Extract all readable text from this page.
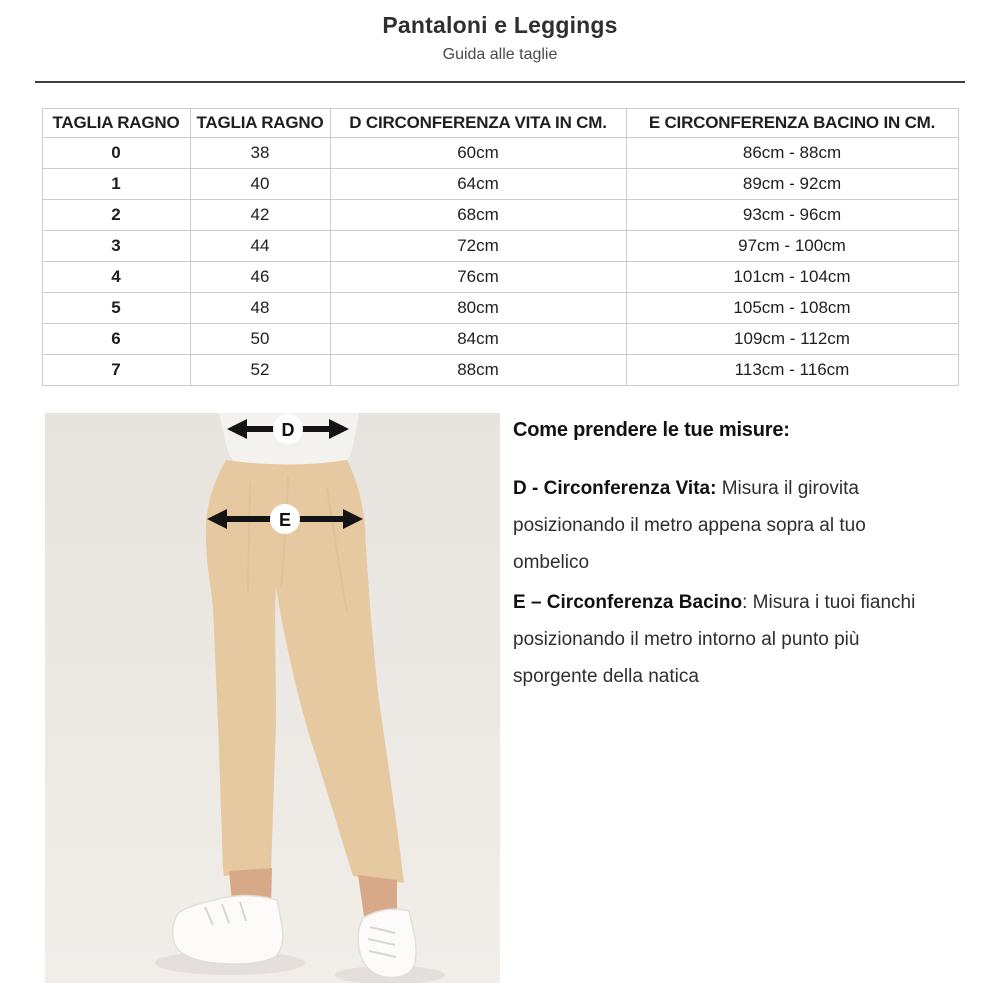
Pantaloni e Leggings
Guida alle taglie
TAGLIA RAGNO	TAGLIA RAGNO	D CIRCONFERENZA VITA IN CM.	E CIRCONFERENZA BACINO IN CM.
0	38	60cm	86cm - 88cm
1	40	64cm	89cm - 92cm
2	42	68cm	93cm - 96cm
3	44	72cm	97cm - 100cm
4	46	76cm	101cm - 104cm
5	48	80cm	105cm - 108cm
6	50	84cm	109cm - 112cm
7	52	88cm	113cm - 116cm
D
E
Come prendere le tue misure:

D - Circonferenza Vita: Misura il girovita posizionando il metro appena sopra al tuo ombelico

E – Circonferenza Bacino: Misura i tuoi fianchi posizionando il metro intorno al punto più sporgente della natica
